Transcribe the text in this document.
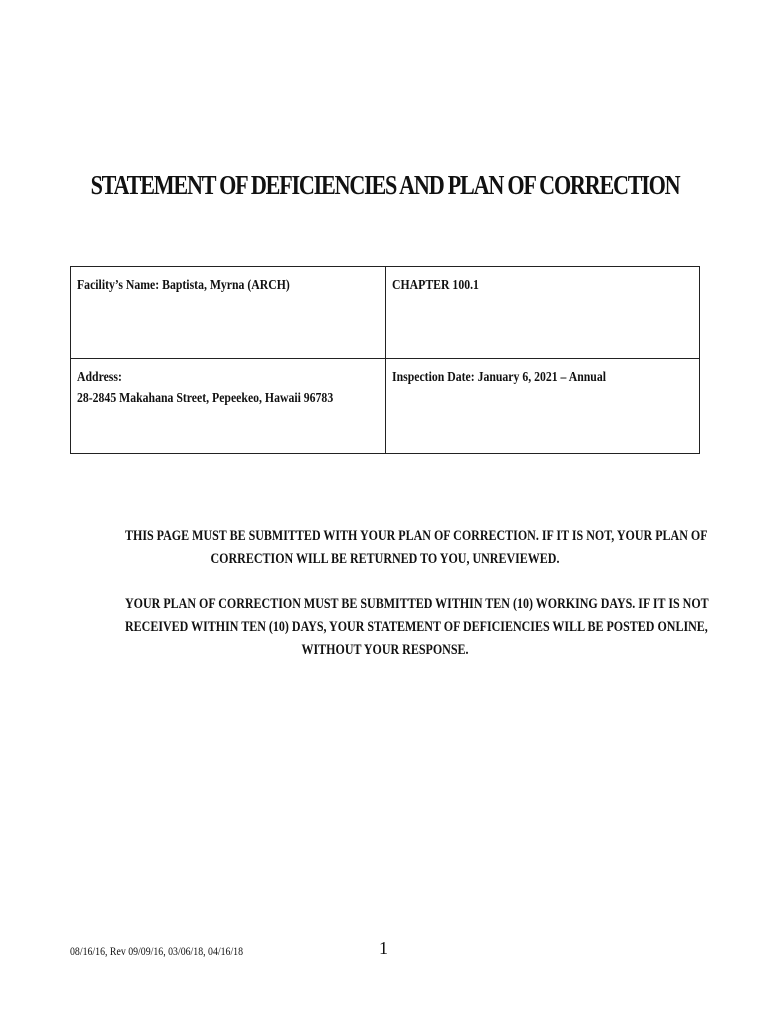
STATEMENT OF DEFICIENCIES AND PLAN OF CORRECTION
Facility’s Name: Baptista, Myrna (ARCH)	CHAPTER 100.1
Address:
28-2845 Makahana Street, Pepeekeo, Hawaii 96783	Inspection Date: January 6, 2021 – Annual
THIS PAGE MUST BE SUBMITTED WITH YOUR PLAN OF CORRECTION. IF IT IS NOT, YOUR PLAN OF
CORRECTION WILL BE RETURNED TO YOU, UNREVIEWED.
YOUR PLAN OF CORRECTION MUST BE SUBMITTED WITHIN TEN (10) WORKING DAYS. IF IT IS NOT
RECEIVED WITHIN TEN (10) DAYS, YOUR STATEMENT OF DEFICIENCIES WILL BE POSTED ONLINE,
WITHOUT YOUR RESPONSE.
08/16/16, Rev 09/09/16, 03/06/18, 04/16/18	1
